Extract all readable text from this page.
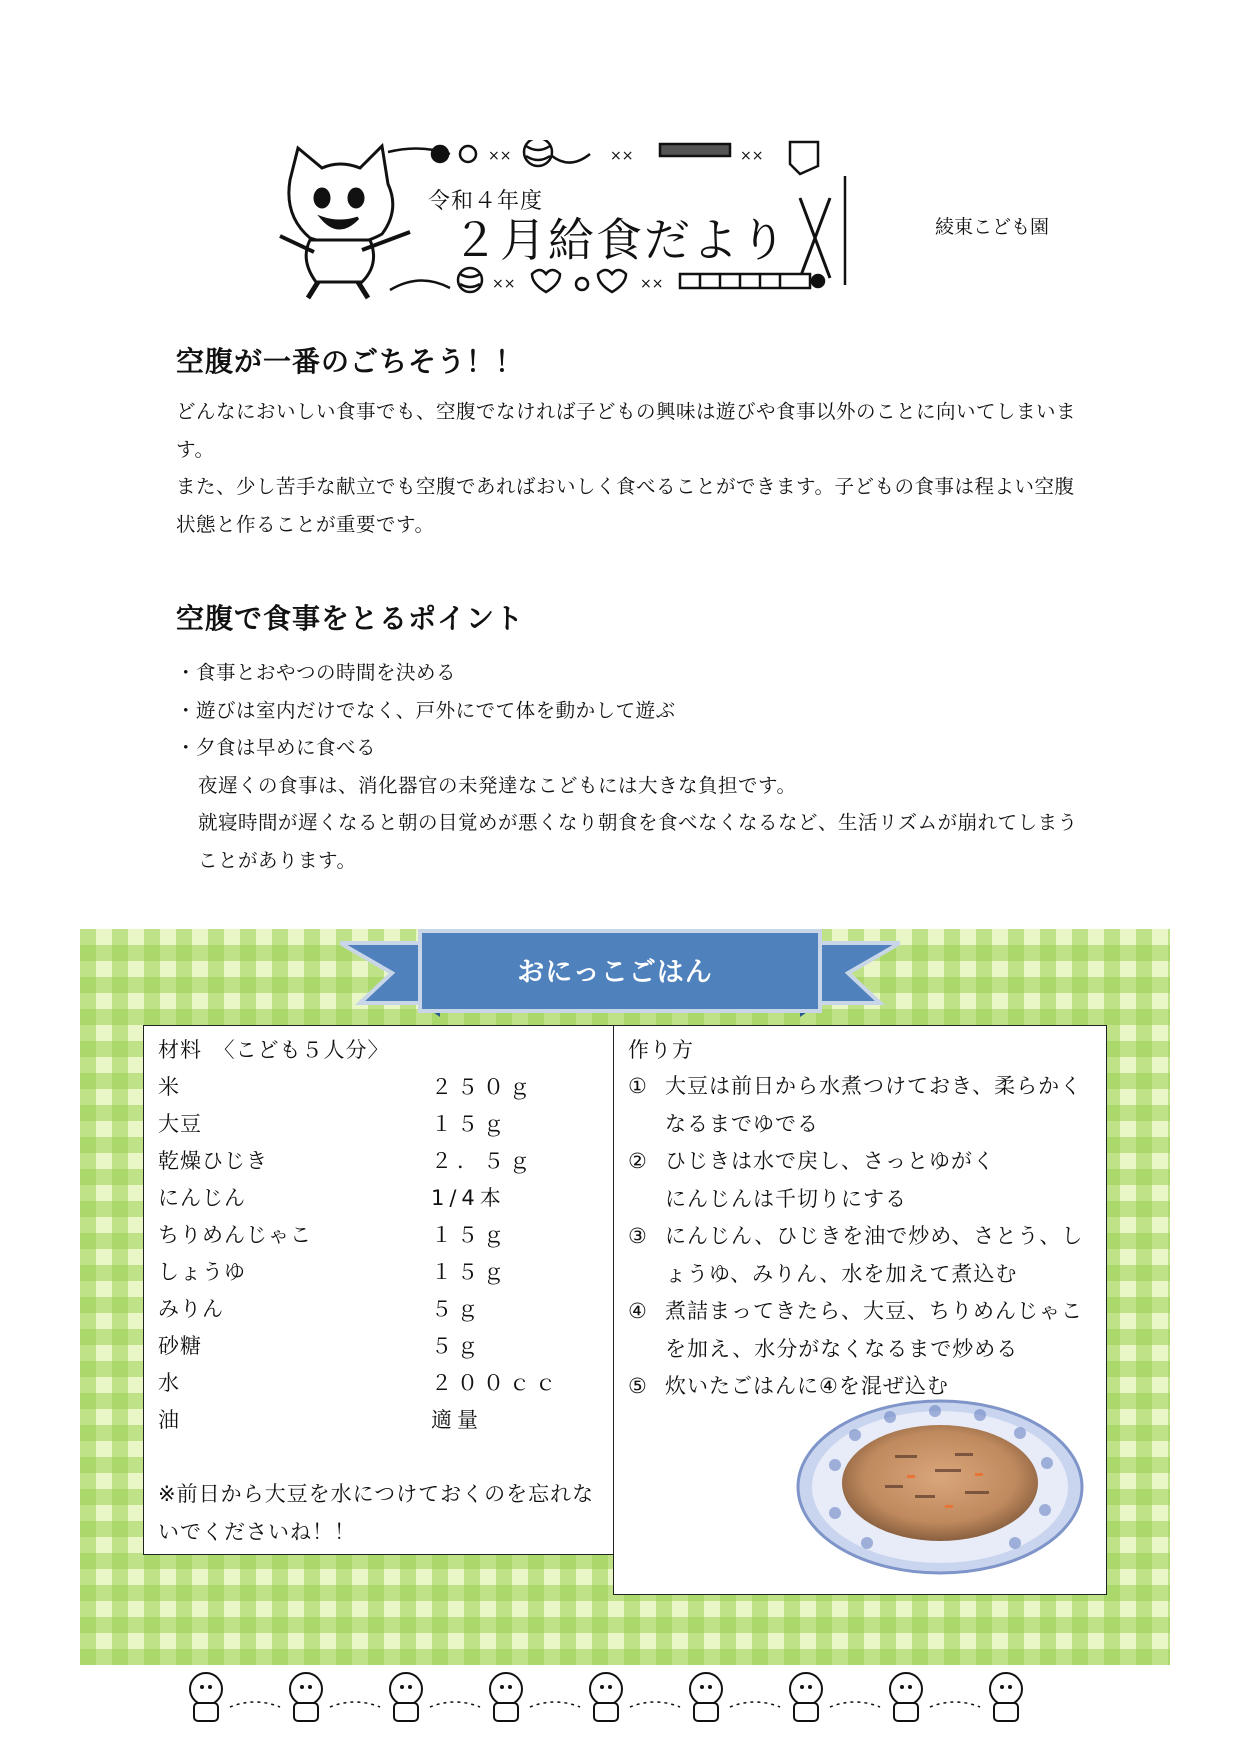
××	××	××
××	××
令和４年度
２月給食だより	綾東こども園
空腹が一番のごちそう！！
どんなにおいしい食事でも、空腹でなければ子どもの興味は遊びや食事以外のことに向いてしまいます。
また、少し苦手な献立でも空腹であればおいしく食べることができます。子どもの食事は程よい空腹状態と作ることが重要です。
空腹で食事をとるポイント
・食事とおやつの時間を決める
・遊びは室内だけでなく、戸外にでて体を動かして遊ぶ
・夕食は早めに食べる
夜遅くの食事は、消化器官の未発達なこどもには大きな負担です。
就寝時間が遅くなると朝の目覚めが悪くなり朝食を食べなくなるなど、生活リズムが崩れてしまうことがあります。
おにっこごはん
材料　〈こども５人分〉
米	２５０ｇ
大豆	１５ｇ
乾燥ひじき	２．５ｇ
にんじん	1/4本
ちりめんじゃこ	１５ｇ
しょうゆ	１５ｇ
みりん	５ｇ
砂糖	５ｇ
水	２００ｃｃ
油	適量
※前日から大豆を水につけておくのを忘れないでくださいね！！
作り方
① 大豆は前日から水煮つけておき、柔らかくなるまでゆでる
② ひじきは水で戻し、さっとゆがく
にんじんは千切りにする
③ にんじん、ひじきを油で炒め、さとう、しょうゆ、みりん、水を加えて煮込む
④ 煮詰まってきたら、大豆、ちりめんじゃこを加え、水分がなくなるまで炒める
⑤ 炊いたごはんに④を混ぜ込む
